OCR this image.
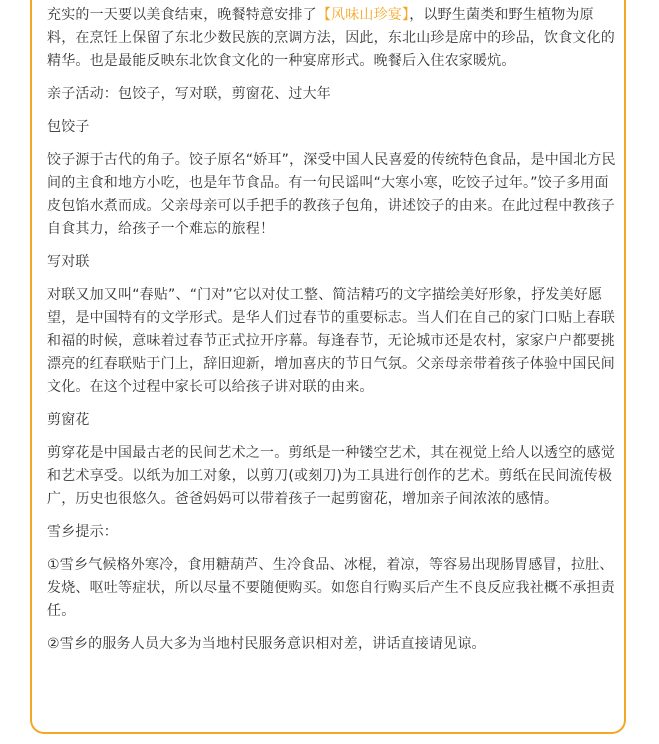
充实的一天要以美食结束，晚餐特意安排了【风味山珍宴】，以野生菌类和野生植物为原料，在烹饪上保留了东北少数民族的烹调方法，因此，东北山珍是席中的珍品，饮食文化的精华。也是最能反映东北饮食文化的一种宴席形式。晚餐后入住农家暖炕。

亲子活动：包饺子，写对联，剪窗花、过大年

包饺子

饺子源于古代的角子。饺子原名“娇耳”，深受中国人民喜爱的传统特色食品，是中国北方民间的主食和地方小吃，也是年节食品。有一句民谣叫“大寒小寒，吃饺子过年。”饺子多用面皮包馅水煮而成。父亲母亲可以手把手的教孩子包角，讲述饺子的由来。在此过程中教孩子自食其力，给孩子一个难忘的旅程！

写对联

对联又加又叫“春贴”、“门对”它以对仗工整、简洁精巧的文字描绘美好形象，抒发美好愿望，是中国特有的文学形式。是华人们过春节的重要标志。当人们在自己的家门口贴上春联和福的时候，意味着过春节正式拉开序幕。每逢春节，无论城市还是农村，家家户户都要挑漂亮的红春联贴于门上，辞旧迎新，增加喜庆的节日气氛。父亲母亲带着孩子体验中国民间文化。在这个过程中家长可以给孩子讲对联的由来。

剪窗花

剪穿花是中国最古老的民间艺术之一。剪纸是一种镂空艺术，其在视觉上给人以透空的感觉和艺术享受。以纸为加工对象，以剪刀(或刻刀)为工具进行创作的艺术。剪纸在民间流传极广，历史也很悠久。爸爸妈妈可以带着孩子一起剪窗花，增加亲子间浓浓的感情。

雪乡提示：

①雪乡气候格外寒冷，食用糖葫芦、生冷食品、冰棍，着凉，等容易出现肠胃感冒，拉肚、发烧、呕吐等症状，所以尽量不要随便购买。如您自行购买后产生不良反应我社概不承担责任。

②雪乡的服务人员大多为当地村民服务意识相对差，讲话直接请见谅。
